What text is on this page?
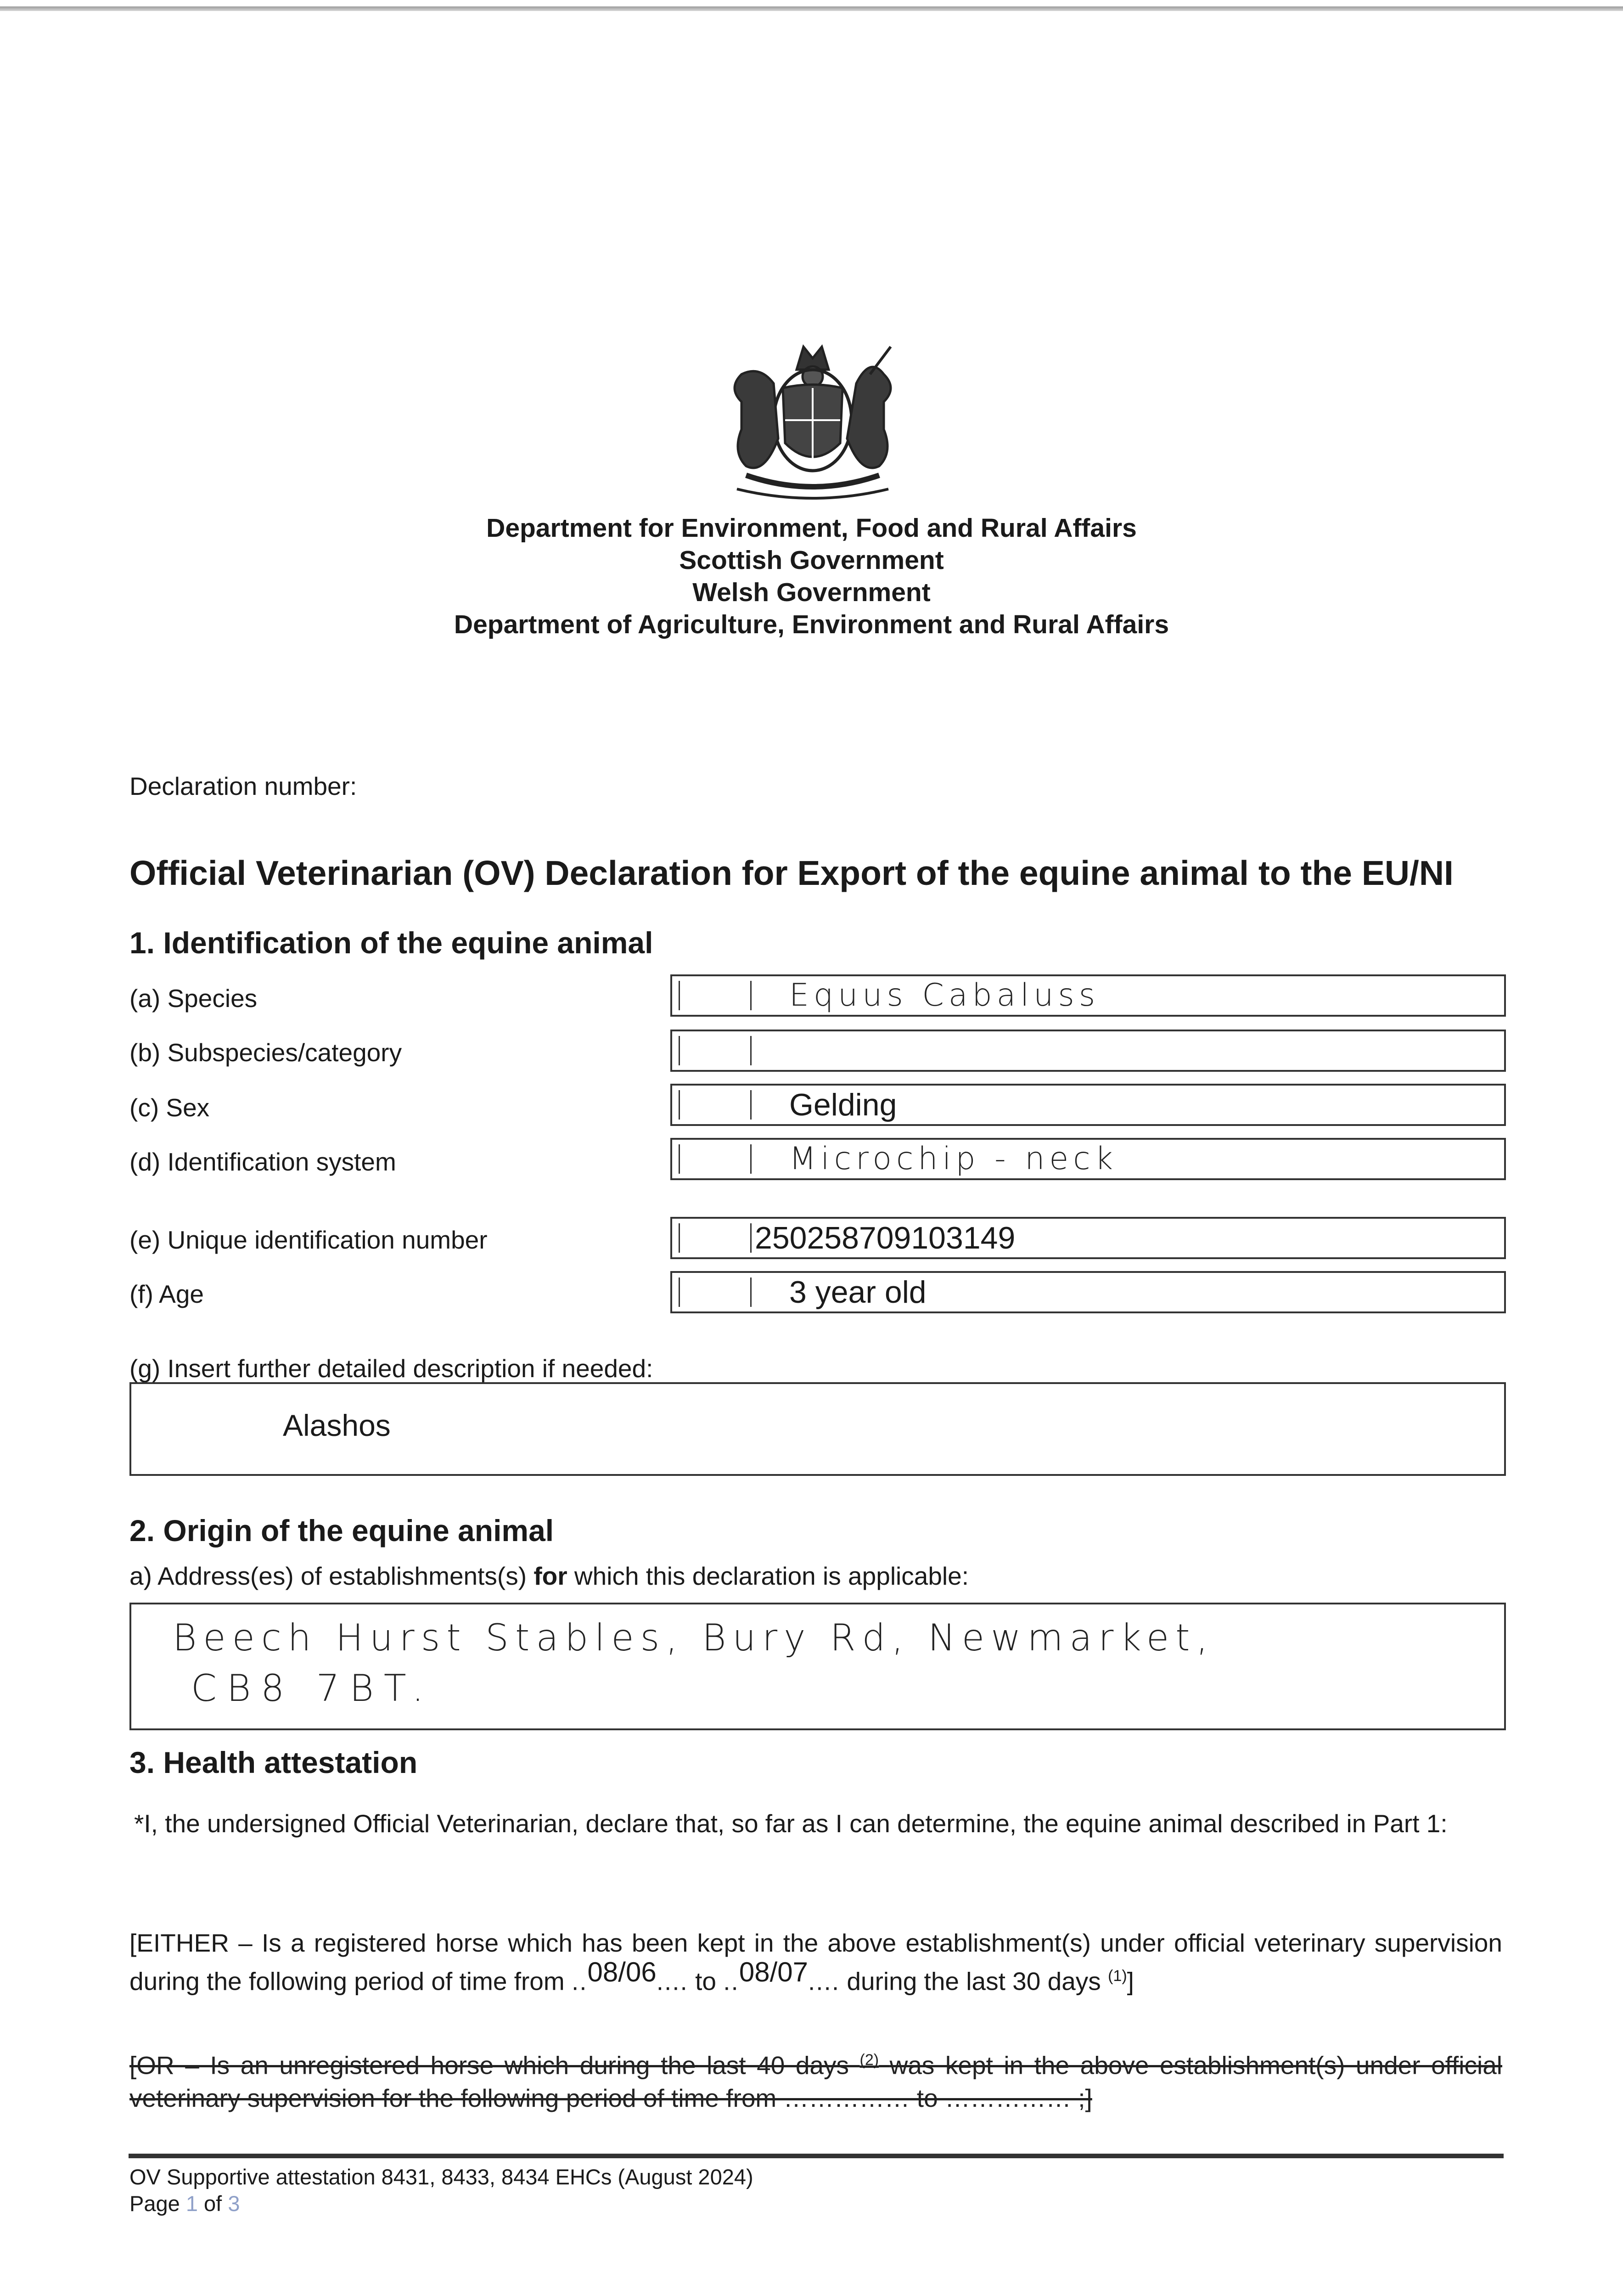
Department for Environment, Food and Rural Affairs
Scottish Government
Welsh Government
Department of Agriculture, Environment and Rural Affairs
Declaration number:
Official Veterinarian (OV) Declaration for Export of the equine animal to the EU/NI
1. Identification of the equine animal
(a) Species	Equus Cabaluss
(b) Subspecies/category
(c) Sex	Gelding
(d) Identification system	Microchip - neck
(e) Unique identification number	250258709103149
(f) Age	3 year old
(g) Insert further detailed description if needed:
Alashos
2. Origin of the equine animal
a) Address(es) of establishments(s) for which this declaration is applicable:
Beech Hurst Stables, Bury Rd, Newmarket,
CB8 7BT.
3. Health attestation
*I, the undersigned Official Veterinarian, declare that, so far as I can determine, the equine animal described in Part 1:
[EITHER – Is a registered horse which has been kept in the above establishment(s) under official veterinary supervision during the following period of time from ..08/06.... to ..08/07.... during the last 30 days $^{(1)}$]
[OR – Is an unregistered horse which during the last 40 days $^{(2)}$ was kept in the above establishment(s) under official veterinary supervision for the following period of time from …………… to …………… ;]
OV Supportive attestation 8431, 8433, 8434 EHCs (August 2024)
Page 1 of 3
